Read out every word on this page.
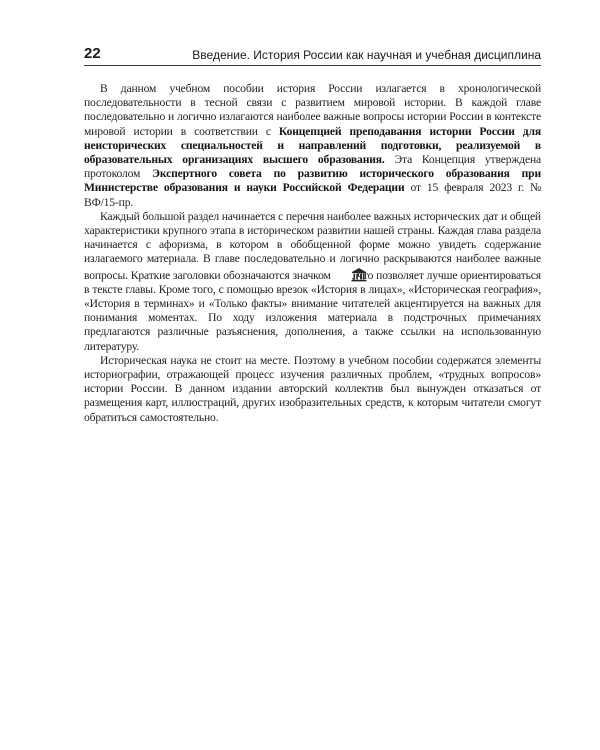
22	Введение. История России как научная и учебная дисциплина

В данном учебном пособии история России излагается в хронологической последовательности в тесной связи с развитием мировой истории. В каждой главе последовательно и логично излагаются наиболее важные вопросы истории России в контексте мировой истории в соответствии с Концепцией преподавания истории России для неисторических специальностей и направлений подготовки, реализуемой в образовательных организациях высшего образования. Эта Концепция утверждена протоколом Экспертного совета по развитию исторического образования при Министерстве образования и науки Российской Федерации от 15 февраля 2023 г. № ВФ/15-пр.

Каждый большой раздел начинается с перечня наиболее важных исторических дат и общей характеристики крупного этапа в историческом развитии нашей страны. Каждая глава раздела начинается с афоризма, в котором в обобщенной форме можно увидеть содержание излагаемого материала. В главе последовательно и логично раскрываются наиболее важные вопросы. Краткие заголовки обозначаются значком , что позволяет лучше ориентироваться в тексте главы. Кроме того, с помощью врезок «История в лицах», «Историческая география», «История в терминах» и «Только факты» внимание читателей акцентируется на важных для понимания моментах. По ходу изложения материала в подстрочных примечаниях предлагаются различные разъяснения, дополнения, а также ссылки на использованную литературу.

Историческая наука не стоит на месте. Поэтому в учебном пособии содержатся элементы историографии, отражающей процесс изучения различных проблем, «трудных вопросов» истории России. В данном издании авторский коллектив был вынужден отказаться от размещения карт, иллюстраций, других изобразительных средств, к которым читатели смогут обратиться самостоятельно.
